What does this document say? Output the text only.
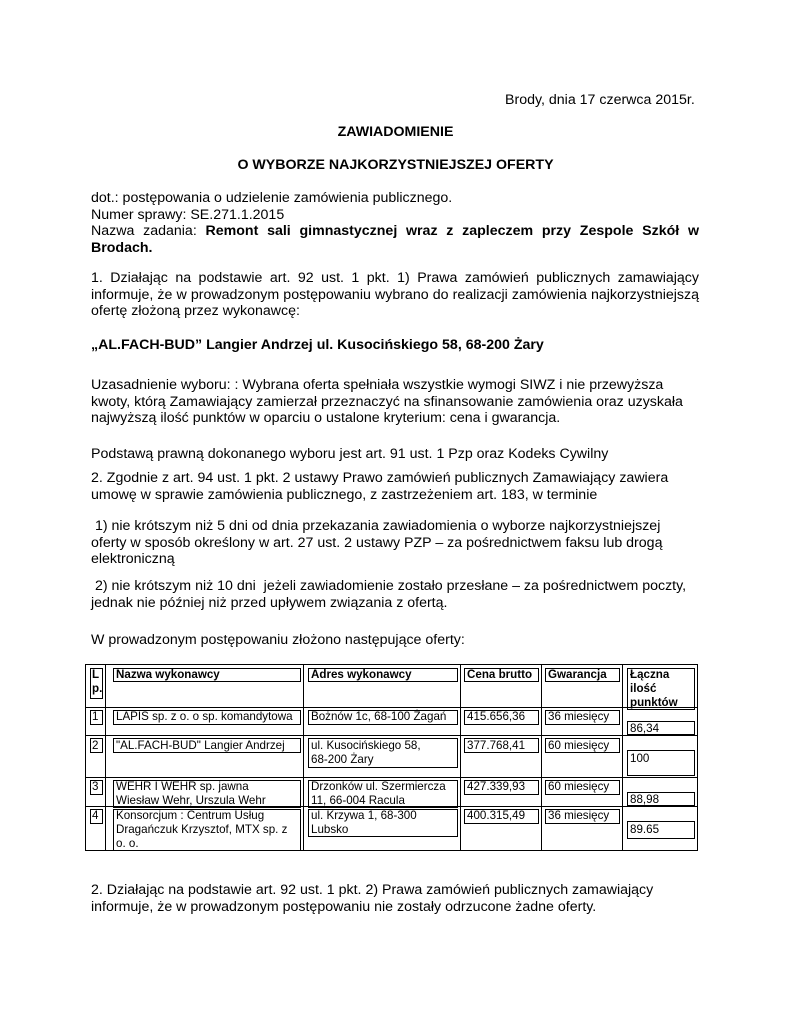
Brody, dnia 17 czerwca 2015r.
ZAWIADOMIENIE
O WYBORZE NAJKORZYSTNIEJSZEJ OFERTY
dot.: postępowania o udzielenie zamówienia publicznego.
Numer sprawy: SE.271.1.2015
Nazwa zadania: Remont sali gimnastycznej wraz z zapleczem przy Zespole Szkół w
Brodach.
1. Działając na podstawie art. 92 ust. 1 pkt. 1) Prawa zamówień publicznych zamawiający
informuje, że w prowadzonym postępowaniu wybrano do realizacji zamówienia najkorzystniejszą
ofertę złożoną przez wykonawcę:
„AL.FACH-BUD” Langier Andrzej ul. Kusocińskiego 58, 68-200 Żary
Uzasadnienie wyboru: : Wybrana oferta spełniała wszystkie wymogi SIWZ i nie przewyższa
kwoty, którą Zamawiający zamierzał przeznaczyć na sfinansowanie zamówienia oraz uzyskała
najwyższą ilość punktów w oparciu o ustalone kryterium: cena i gwarancja.
Podstawą prawną dokonanego wyboru jest art. 91 ust. 1 Pzp oraz Kodeks Cywilny
2. Zgodnie z art. 94 ust. 1 pkt. 2 ustawy Prawo zamówień publicznych Zamawiający zawiera
umowę w sprawie zamówienia publicznego, z zastrzeżeniem art. 183, w terminie
1) nie krótszym niż 5 dni od dnia przekazania zawiadomienia o wyborze najkorzystniejszej
oferty w sposób określony w art. 27 ust. 2 ustawy PZP – za pośrednictwem faksu lub drogą
elektroniczną
2) nie krótszym niż 10 dni  jeżeli zawiadomienie zostało przesłane – za pośrednictwem poczty,
jednak nie później niż przed upływem związania z ofertą.
W prowadzonym postępowaniu złożono następujące oferty:
L
p.
Nazwa wykonawcy	Adres wykonawcy	Cena brutto Gwarancja Łączna
ilość
punktów
1 LAPIS sp. z o. o sp. komandytowa Bożnów 1c, 68-100 Żagań 415.656,36 36 miesięcy
86,34
2 "AL.FACH-BUD" Langier Andrzej ul. Kusocińskiego 58,
68-200 Żary
377.768,41 60 miesięcy
100
3 WEHR I WEHR sp. jawna
Wiesław Wehr, Urszula Wehr
Drzonków ul. Szermiercza
11, 66-004 Racula
427.339,93 60 miesięcy
88,98
4 Konsorcjum : Centrum Usług
Dragańczuk Krzysztof, MTX sp. z
o. o.
ul. Krzywa 1, 68-300
Lubsko
400.315,49 36 miesięcy
89.65
2. Działając na podstawie art. 92 ust. 1 pkt. 2) Prawa zamówień publicznych zamawiający
informuje, że w prowadzonym postępowaniu nie zostały odrzucone żadne oferty.
